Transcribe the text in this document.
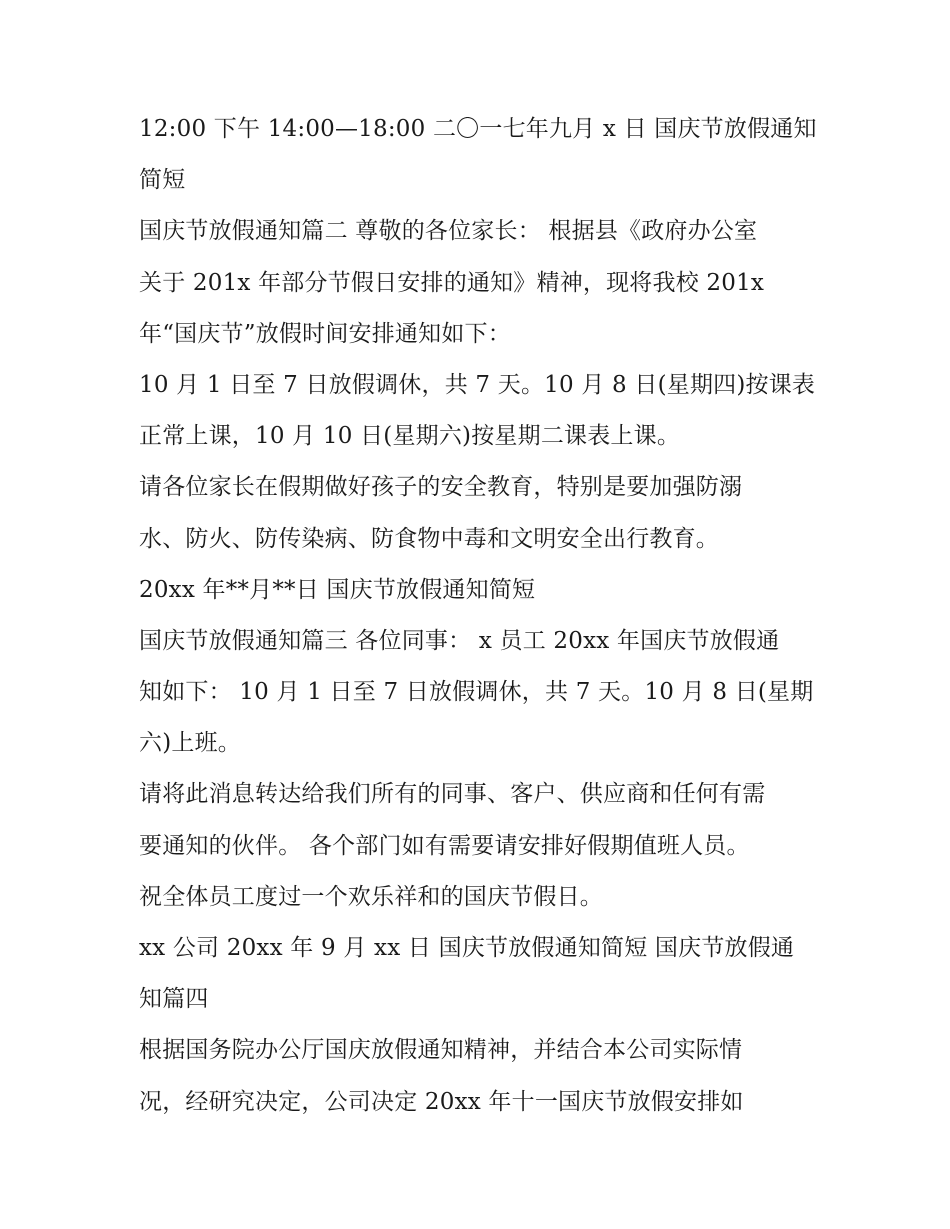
12:00 下午 14:00—18:00 二〇一七年九月 x 日 国庆节放假通知
简短
国庆节放假通知篇二 尊敬的各位家长： 根据县《政府办公室
关于 201x 年部分节假日安排的通知》精神，现将我校 201x
年“国庆节”放假时间安排通知如下：
10 月 1 日至 7 日放假调休，共 7 天。10 月 8 日(星期四)按课表
正常上课，10 月 10 日(星期六)按星期二课表上课。
请各位家长在假期做好孩子的安全教育，特别是要加强防溺
水、防火、防传染病、防食物中毒和文明安全出行教育。
20xx 年**月**日 国庆节放假通知简短
国庆节放假通知篇三 各位同事： x 员工 20xx 年国庆节放假通
知如下： 10 月 1 日至 7 日放假调休，共 7 天。10 月 8 日(星期
六)上班。
请将此消息转达给我们所有的同事、客户、供应商和任何有需
要通知的伙伴。 各个部门如有需要请安排好假期值班人员。
祝全体员工度过一个欢乐祥和的国庆节假日。
xx 公司 20xx 年 9 月 xx 日 国庆节放假通知简短 国庆节放假通
知篇四
根据国务院办公厅国庆放假通知精神，并结合本公司实际情
况，经研究决定，公司决定 20xx 年十一国庆节放假安排如
